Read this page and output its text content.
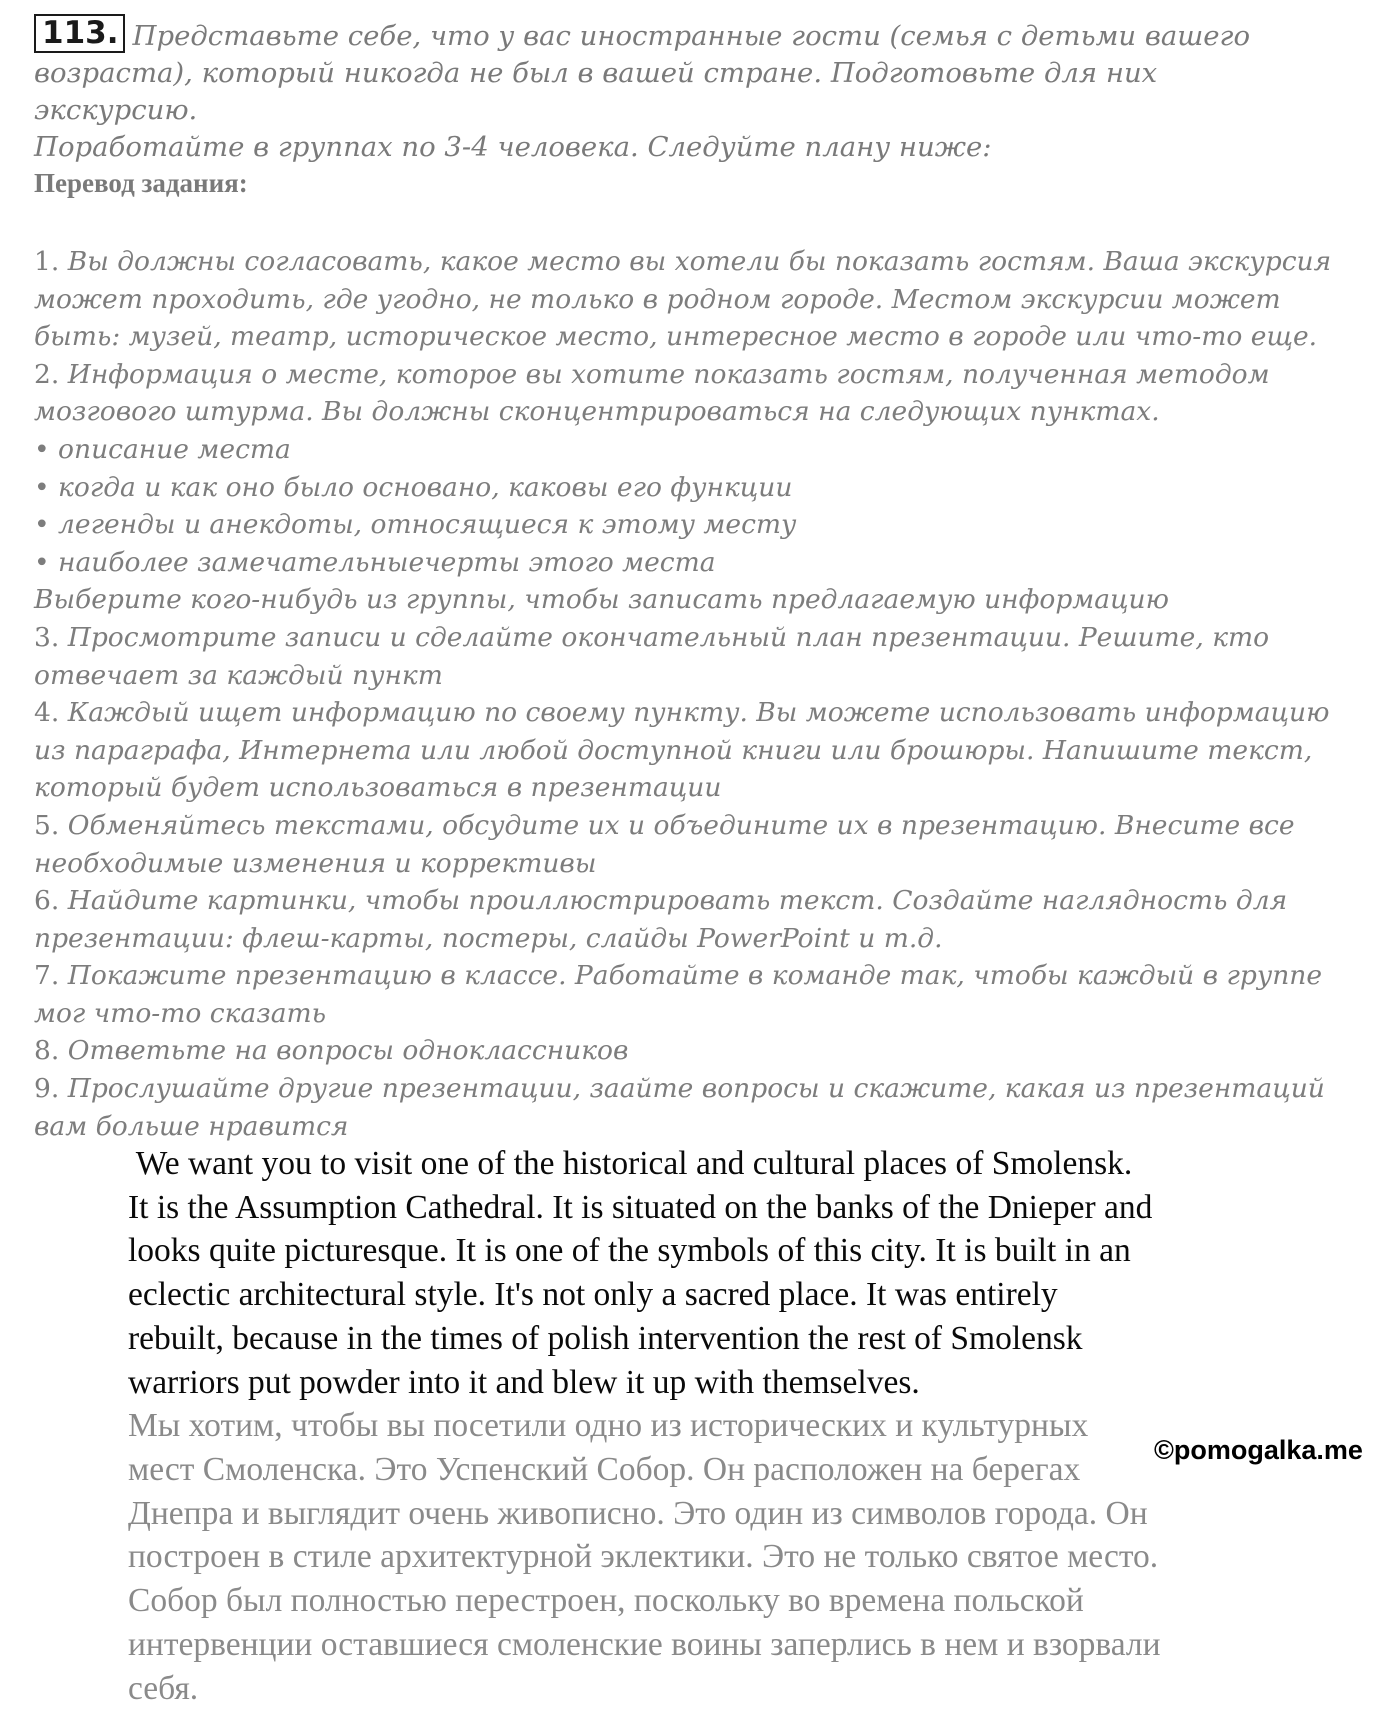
113. Представьте себе, что у вас иностранные гости (семья с детьми вашего
возраста), который никогда не был в вашей стране. Подготовьте для них экскурсию.
Поработайте в группах по 3-4 человека. Следуйте плану ниже:
Перевод задания:
1. Вы должны согласовать, какое место вы хотели бы показать гостям. Ваша экскурсия
может проходить, где угодно, не только в родном городе. Местом экскурсии может
быть: музей, театр, историческое место, интересное место в городе или что-то еще.
2. Информация о месте, которое вы хотите показать гостям, полученная методом
мозгового штурма. Вы должны сконцентрироваться на следующих пунктах.
• описание места
• когда и как оно было основано, каковы его функции
• легенды и анекдоты, относящиеся к этому месту
• наиболее замечательныечерты этого места
Выберите кого-нибудь из группы, чтобы записать предлагаемую информацию
3. Просмотрите записи и сделайте окончательный план презентации. Решите, кто
отвечает за каждый пункт
4. Каждый ищет информацию по своему пункту. Вы можете использовать информацию
из параграфа, Интернета или любой доступной книги или брошюры. Напишите текст,
который будет использоваться в презентации
5. Обменяйтесь текстами, обсудите их и объедините их в презентацию. Внесите все
необходимые изменения и коррективы
6. Найдите картинки, чтобы проиллюстрировать текст. Создайте наглядность для
презентации: флеш-карты, постеры, слайды PowerPoint и т.д.
7. Покажите презентацию в классе. Работайте в команде так, чтобы каждый в группе
мог что-то сказать
8. Ответьте на вопросы одноклассников
9. Прослушайте другие презентации, заайте вопросы и скажите, какая из презентаций
вам больше нравится
We want you to visit one of the historical and cultural places of Smolensk.
It is the Assumption Cathedral. It is situated on the banks of the Dnieper and
looks quite picturesque. It is one of the symbols of this city. It is built in an
eclectic architectural style. It's not only a sacred place. It was entirely
rebuilt, because in the times of polish intervention the rest of Smolensk
warriors put powder into it and blew it up with themselves.
Мы хотим, чтобы вы посетили одно из исторических и культурных
мест Смоленска. Это Успенский Собор. Он расположен на берегах
Днепра и выглядит очень живописно. Это один из символов города. Он
построен в стиле архитектурной эклектики. Это не только святое место.
Собор был полностью перестроен, поскольку во времена польской
интервенции оставшиеся смоленские воины заперлись в нем и взорвали
себя.
©pomogalka.me
